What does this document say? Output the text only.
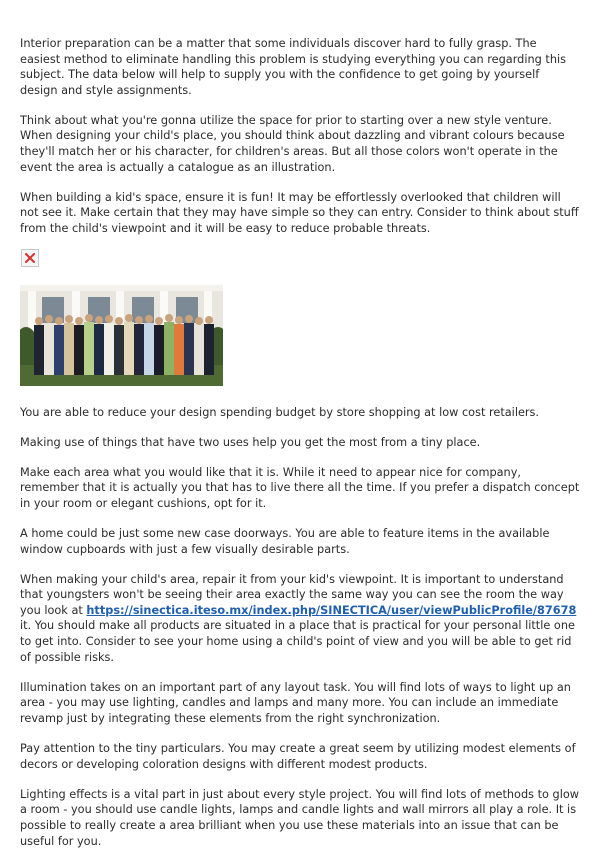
Interior preparation can be a matter that some individuals discover hard to fully grasp. The easiest method to eliminate handling this problem is studying everything you can regarding this subject. The data below will help to supply you with the confidence to get going by yourself design and style assignments.

Think about what you're gonna utilize the space for prior to starting over a new style venture. When designing your child's place, you should think about dazzling and vibrant colours because they'll match her or his character, for children's areas. But all those colors won't operate in the event the area is actually a catalogue as an illustration.

When building a kid's space, ensure it is fun! It may be effortlessly overlooked that children will not see it. Make certain that they may have simple so they can entry. Consider to think about stuff from the child's viewpoint and it will be easy to reduce probable threats.

You are able to reduce your design spending budget by store shopping at low cost retailers.

Making use of things that have two uses help you get the most from a tiny place.

Make each area what you would like that it is. While it need to appear nice for company, remember that it is actually you that has to live there all the time. If you prefer a dispatch concept in your room or elegant cushions, opt for it.

A home could be just some new case doorways. You are able to feature items in the available window cupboards with just a few visually desirable parts.

When making your child's area, repair it from your kid's viewpoint. It is important to understand that youngsters won't be seeing their area exactly the same way you can see the room the way you look at https://sinectica.iteso.mx/index.php/SINECTICA/user/viewPublicProfile/87678 it. You should make all products are situated in a place that is practical for your personal little one to get into. Consider to see your home using a child's point of view and you will be able to get rid of possible risks.

Illumination takes on an important part of any layout task. You will find lots of ways to light up an area - you may use lighting, candles and lamps and many more. You can include an immediate revamp just by integrating these elements from the right synchronization.

Pay attention to the tiny particulars. You may create a great seem by utilizing modest elements of decors or developing coloration designs with different modest products.

Lighting effects is a vital part in just about every style project. You will find lots of methods to glow a room - you should use candle lights, lamps and candle lights and wall mirrors all play a role. It is possible to really create a area brilliant when you use these materials into an issue that can be useful for you.
